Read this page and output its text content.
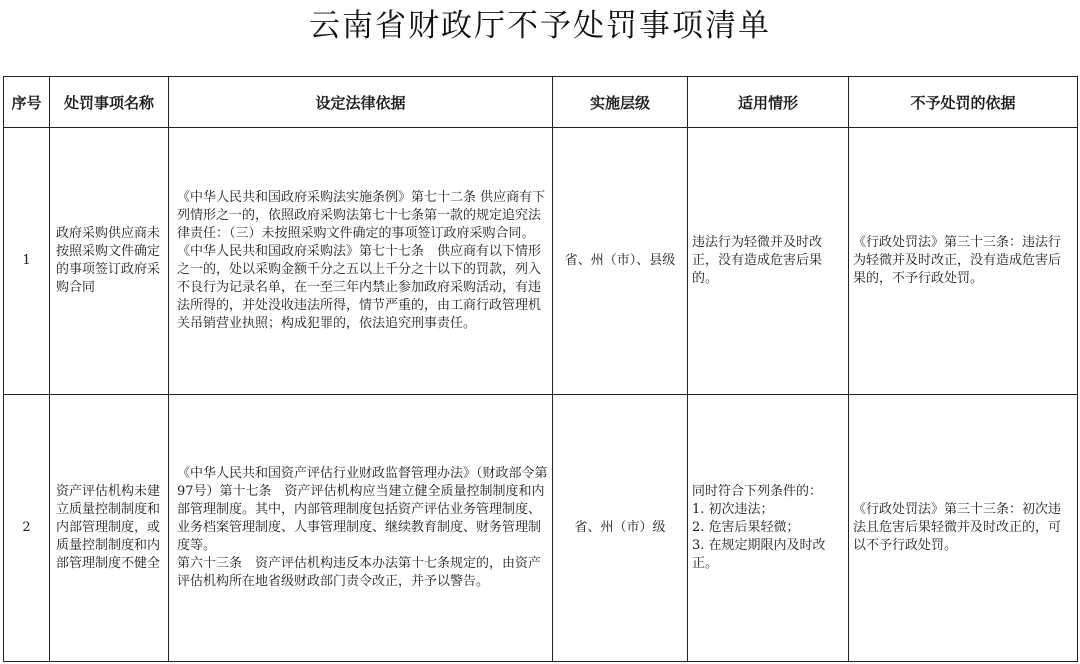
云南省财政厅不予处罚事项清单
序号	处罚事项名称	设定法律依据	实施层级	适用情形	不予处罚的依据
1	政府采购供应商未按照采购文件确定的事项签订政府采购合同	《中华人民共和国政府采购法实施条例》第七十二条 供应商有下列情形之一的，依照政府采购法第七十七条第一款的规定追究法律责任：（三）未按照采购文件确定的事项签订政府采购合同。
《中华人民共和国政府采购法》第七十七条　供应商有以下情形之一的，处以采购金额千分之五以上千分之十以下的罚款，列入不良行为记录名单，在一至三年内禁止参加政府采购活动，有违法所得的，并处没收违法所得，情节严重的，由工商行政管理机关吊销营业执照；构成犯罪的，依法追究刑事责任。	省、州（市）、县级	违法行为轻微并及时改正，没有造成危害后果的。	《行政处罚法》第三十三条：违法行为轻微并及时改正，没有造成危害后果的，不予行政处罚。
2	资产评估机构未建立质量控制制度和内部管理制度，或质量控制制度和内部管理制度不健全	《中华人民共和国资产评估行业财政监督管理办法》（财政部令第97号）第十七条　资产评估机构应当建立健全质量控制制度和内部管理制度。其中，内部管理制度包括资产评估业务管理制度、业务档案管理制度、人事管理制度、继续教育制度、财务管理制度等。
第六十三条　资产评估机构违反本办法第十七条规定的，由资产评估机构所在地省级财政部门责令改正，并予以警告。	省、州（市）级	同时符合下列条件的：
1. 初次违法；
2. 危害后果轻微；
3. 在规定期限内及时改正。	《行政处罚法》第三十三条：初次违法且危害后果轻微并及时改正的，可以不予行政处罚。
